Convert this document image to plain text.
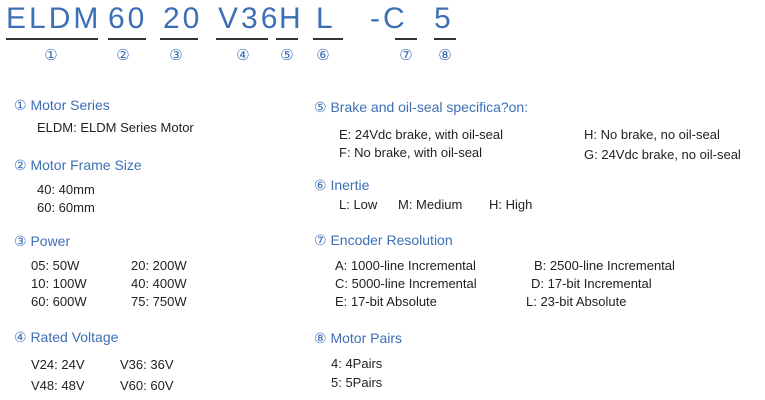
ELDM 60 20 V36
H L -C 5
①	②	③	④ ⑤ ⑥	⑦ ⑧
① Motor Series
ELDM: ELDM Series Motor
② Motor Frame Size
40: 40mm
60: 60mm
③ Power
05: 50W	20: 200W
10: 100W	40: 400W
60: 600W	75: 750W
④ Rated Voltage
V24: 24V	V36: 36V
V48: 48V	V60: 60V
⑤ Brake and oil-seal specifica?on:
E: 24Vdc brake, with oil-seal	H: No brake, no oil-seal
F: No brake, with oil-seal	G: 24Vdc brake, no oil-seal
⑥ Inertie
L: Low M: Medium H: High
⑦ Encoder Resolution
A: 1000-line Incremental	B: 2500-line Incremental
C: 5000-line Incremental	D: 17-bit Incremental
E: 17-bit Absolute	L: 23-bit Absolute
⑧ Motor Pairs
4: 4Pairs
5: 5Pairs
